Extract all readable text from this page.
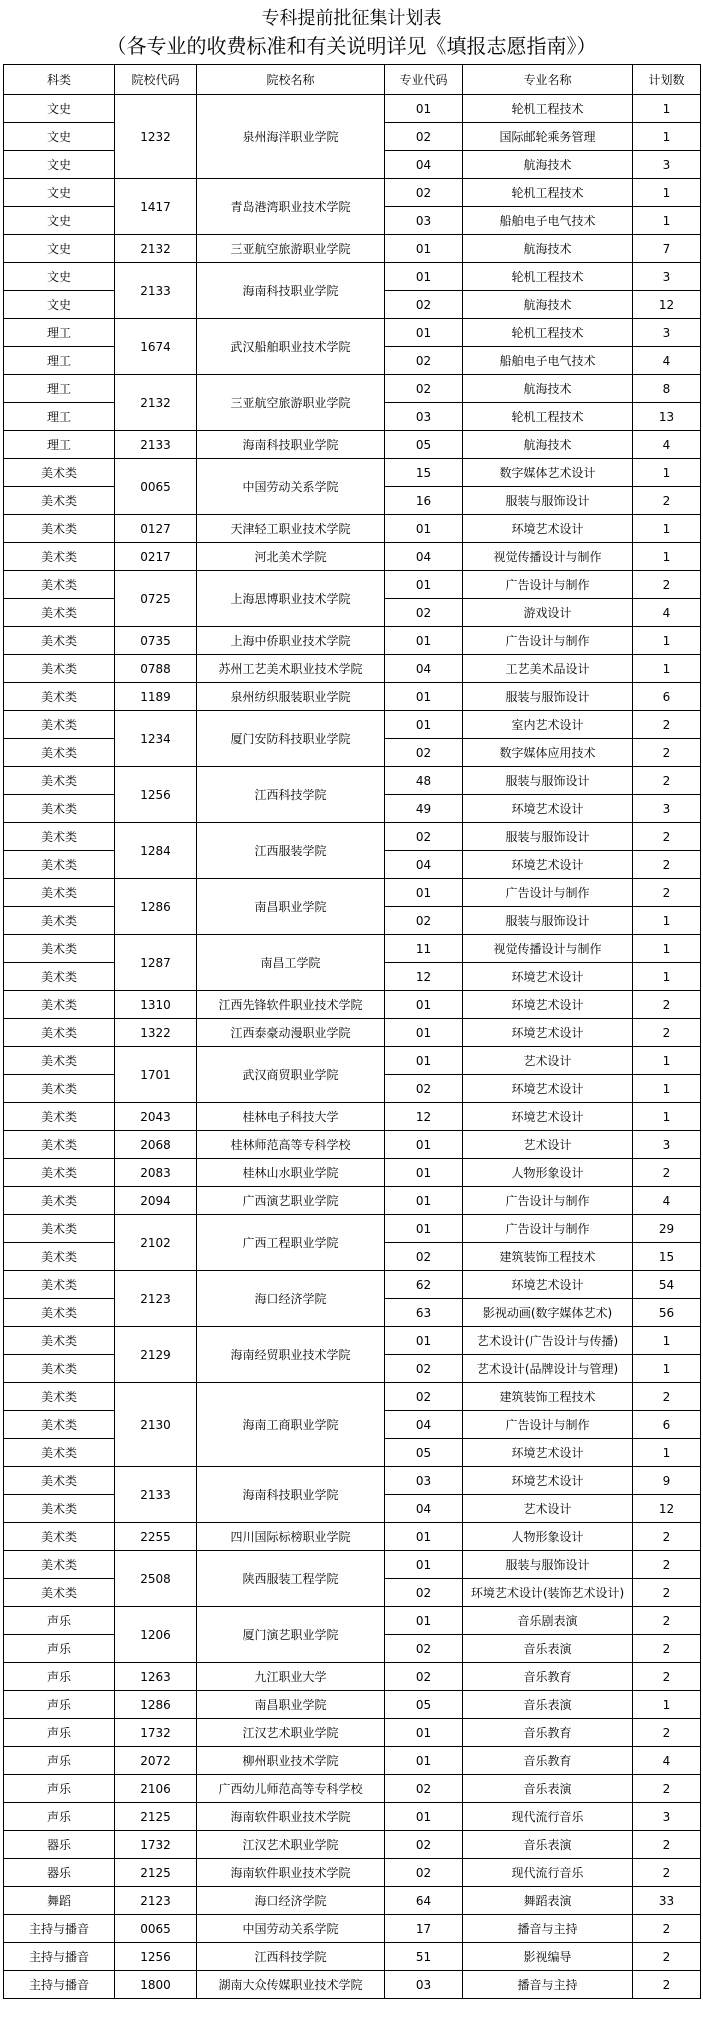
专科提前批征集计划表
（各专业的收费标准和有关说明详见《填报志愿指南》）
科类	院校代码	院校名称	专业代码	专业名称	计划数
文史	1232	泉州海洋职业学院	01	轮机工程技术	1
文史			02	国际邮轮乘务管理	1
文史			04	航海技术	3
文史	1417	青岛港湾职业技术学院	02	轮机工程技术	1
文史			03	船舶电子电气技术	1
文史	2132	三亚航空旅游职业学院	01	航海技术	7
文史	2133	海南科技职业学院	01	轮机工程技术	3
文史			02	航海技术	12
理工	1674	武汉船舶职业技术学院	01	轮机工程技术	3
理工			02	船舶电子电气技术	4
理工	2132	三亚航空旅游职业学院	02	航海技术	8
理工			03	轮机工程技术	13
理工	2133	海南科技职业学院	05	航海技术	4
美术类	0065	中国劳动关系学院	15	数字媒体艺术设计	1
美术类			16	服装与服饰设计	2
美术类	0127	天津轻工职业技术学院	01	环境艺术设计	1
美术类	0217	河北美术学院	04	视觉传播设计与制作	1
美术类	0725	上海思博职业技术学院	01	广告设计与制作	2
美术类			02	游戏设计	4
美术类	0735	上海中侨职业技术学院	01	广告设计与制作	1
美术类	0788	苏州工艺美术职业技术学院	04	工艺美术品设计	1
美术类	1189	泉州纺织服装职业学院	01	服装与服饰设计	6
美术类	1234	厦门安防科技职业学院	01	室内艺术设计	2
美术类			02	数字媒体应用技术	2
美术类	1256	江西科技学院	48	服装与服饰设计	2
美术类			49	环境艺术设计	3
美术类	1284	江西服装学院	02	服装与服饰设计	2
美术类			04	环境艺术设计	2
美术类	1286	南昌职业学院	01	广告设计与制作	2
美术类			02	服装与服饰设计	1
美术类	1287	南昌工学院	11	视觉传播设计与制作	1
美术类			12	环境艺术设计	1
美术类	1310	江西先锋软件职业技术学院	01	环境艺术设计	2
美术类	1322	江西泰豪动漫职业学院	01	环境艺术设计	2
美术类	1701	武汉商贸职业学院	01	艺术设计	1
美术类			02	环境艺术设计	1
美术类	2043	桂林电子科技大学	12	环境艺术设计	1
美术类	2068	桂林师范高等专科学校	01	艺术设计	3
美术类	2083	桂林山水职业学院	01	人物形象设计	2
美术类	2094	广西演艺职业学院	01	广告设计与制作	4
美术类	2102	广西工程职业学院	01	广告设计与制作	29
美术类			02	建筑装饰工程技术	15
美术类	2123	海口经济学院	62	环境艺术设计	54
美术类			63	影视动画(数字媒体艺术)	56
美术类	2129	海南经贸职业技术学院	01	艺术设计(广告设计与传播)	1
美术类			02	艺术设计(品牌设计与管理)	1
美术类	2130	海南工商职业学院	02	建筑装饰工程技术	2
美术类			04	广告设计与制作	6
美术类			05	环境艺术设计	1
美术类	2133	海南科技职业学院	03	环境艺术设计	9
美术类			04	艺术设计	12
美术类	2255	四川国际标榜职业学院	01	人物形象设计	2
美术类	2508	陕西服装工程学院	01	服装与服饰设计	2
美术类			02	环境艺术设计(装饰艺术设计)	2
声乐	1206	厦门演艺职业学院	01	音乐剧表演	2
声乐			02	音乐表演	2
声乐	1263	九江职业大学	02	音乐教育	2
声乐	1286	南昌职业学院	05	音乐表演	1
声乐	1732	江汉艺术职业学院	01	音乐教育	2
声乐	2072	柳州职业技术学院	01	音乐教育	4
声乐	2106	广西幼儿师范高等专科学校	02	音乐表演	2
声乐	2125	海南软件职业技术学院	01	现代流行音乐	3
器乐	1732	江汉艺术职业学院	02	音乐表演	2
器乐	2125	海南软件职业技术学院	02	现代流行音乐	2
舞蹈	2123	海口经济学院	64	舞蹈表演	33
主持与播音	0065	中国劳动关系学院	17	播音与主持	2
主持与播音	1256	江西科技学院	51	影视编导	2
主持与播音	1800	湖南大众传媒职业技术学院	03	播音与主持	2
